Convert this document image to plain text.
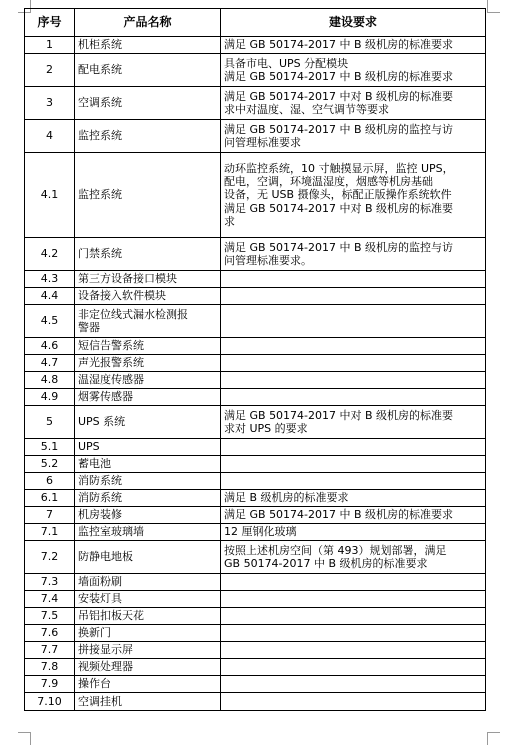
序号	产品名称	建设要求
1	机柜系统	满足 GB 50174-2017 中 B 级机房的标准要求
2	配电系统	具备市电、UPS 分配模块
满足 GB 50174-2017 中 B 级机房的标准要求
3	空调系统	满足 GB 50174-2017 中对 B 级机房的标准要
求中对温度、湿、空气调节等要求
4	监控系统	满足 GB 50174-2017 中 B 级机房的监控与访
问管理标准要求
4.1	监控系统	动环监控系统，10 寸触摸显示屏，监控 UPS，
配电，空调，环境温湿度，烟感等机房基础
设备，无 USB 摄像头，标配正版操作系统软件
满足 GB 50174-2017 中对 B 级机房的标准要
求
4.2	门禁系统	满足 GB 50174-2017 中 B 级机房的监控与访
问管理标准要求。
4.3	第三方设备接口模块	
4.4	设备接入软件模块	
4.5	非定位线式漏水检测报
警器	
4.6	短信告警系统	
4.7	声光报警系统	
4.8	温湿度传感器	
4.9	烟雾传感器	
5	UPS 系统	满足 GB 50174-2017 中对 B 级机房的标准要
求对 UPS 的要求
5.1	UPS	
5.2	蓄电池	
6	消防系统	
6.1	消防系统	满足 B 级机房的标准要求
7	机房装修	满足 GB 50174-2017 中 B 级机房的标准要求
7.1	监控室玻璃墙	12 厘钢化玻璃
7.2	防静电地板	按照上述机房空间（第 493）规划部署，满足
GB 50174-2017 中 B 级机房的标准要求
7.3	墙面粉刷	
7.4	安装灯具	
7.5	吊铝扣板天花	
7.6	换新门	
7.7	拼接显示屏	
7.8	视频处理器	
7.9	操作台	
7.10	空调挂机	
